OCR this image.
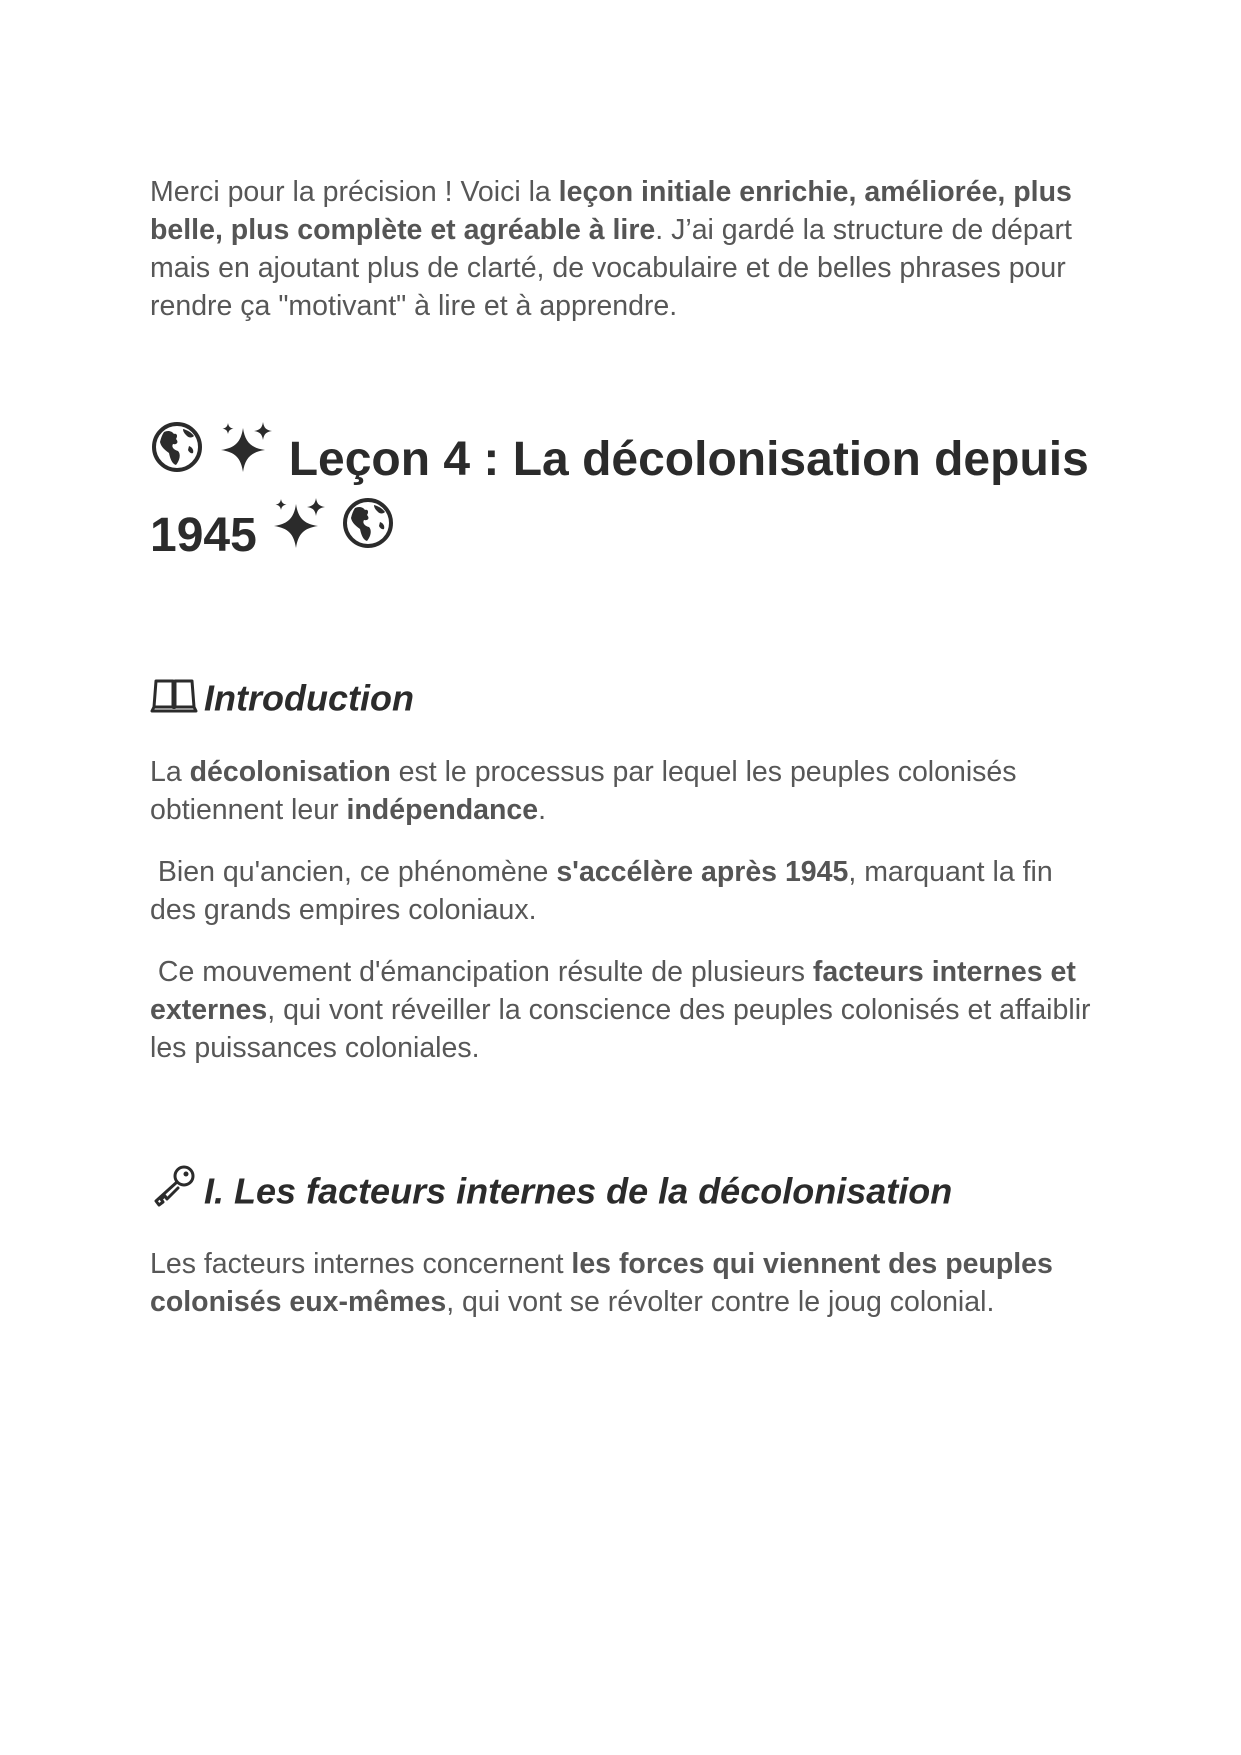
Merci pour la précision ! Voici la leçon initiale enrichie, améliorée, plus belle, plus complète et agréable à lire. J’ai gardé la structure de départ mais en ajoutant plus de clarté, de vocabulaire et de belles phrases pour rendre ça "motivant" à lire et à apprendre.

Leçon 4 : La décolonisation depuis 1945
Introduction

La décolonisation est le processus par lequel les peuples colonisés obtiennent leur indépendance.

Bien qu'ancien, ce phénomène s'accélère après 1945, marquant la fin des grands empires coloniaux.

Ce mouvement d'émancipation résulte de plusieurs facteurs internes et externes, qui vont réveiller la conscience des peuples colonisés et affaiblir les puissances coloniales.

I. Les facteurs internes de la décolonisation

Les facteurs internes concernent les forces qui viennent des peuples colonisés eux-mêmes, qui vont se révolter contre le joug colonial.
